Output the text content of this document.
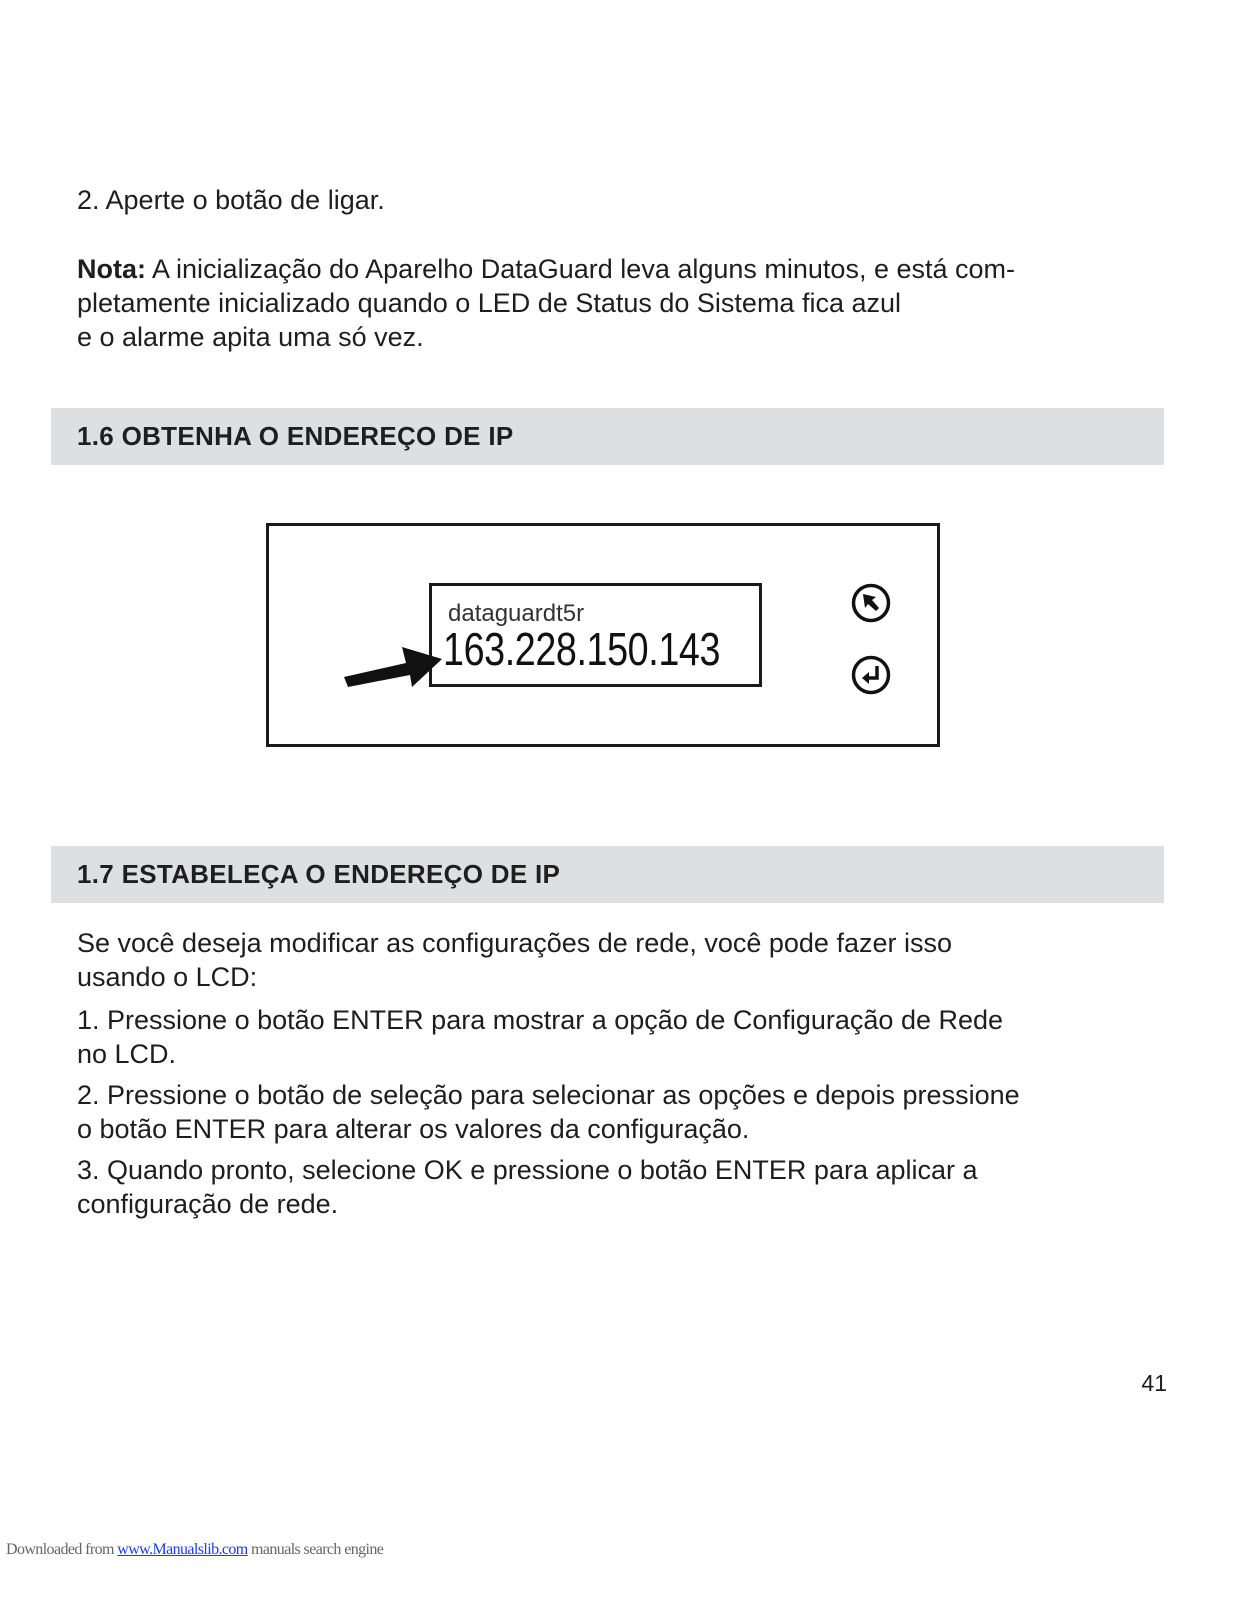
2. Aperte o botão de ligar.

Nota: A inicialização do Aparelho DataGuard leva alguns minutos, e está com-
pletamente inicializado quando o LED de Status do Sistema fica azul
e o alarme apita uma só vez.

1.6 OBTENHA O ENDEREÇO DE IP
dataguardt5r
163.228.150.143
1.7 ESTABELEÇA O ENDEREÇO DE IP

Se você deseja modificar as configurações de rede, você pode fazer isso
usando o LCD:

1. Pressione o botão ENTER para mostrar a opção de Configuração de Rede
no LCD.

2. Pressione o botão de seleção para selecionar as opções e depois pressione
o botão ENTER para alterar os valores da configuração.

3. Quando pronto, selecione OK e pressione o botão ENTER para aplicar a
configuração de rede.

41
Downloaded from www.Manualslib.com manuals search engine
